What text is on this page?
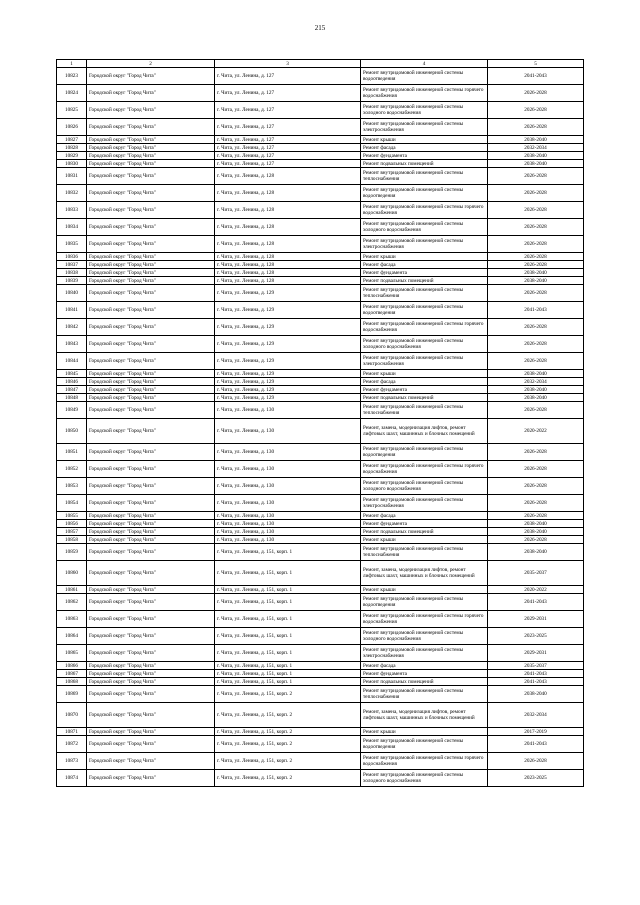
215
1	2	3	4	5
10823	Городской округ "Город Чита"	г. Чита, ул. Ленина, д. 127	Ремонт внутридомовой инженерной системы водоотведения	2041-2043
10824	Городской округ "Город Чита"	г. Чита, ул. Ленина, д. 127	Ремонт внутридомовой инженерной системы горячего водоснабжения	2026-2028
10825	Городской округ "Город Чита"	г. Чита, ул. Ленина, д. 127	Ремонт внутридомовой инженерной системы холодного водоснабжения	2026-2028
10826	Городской округ "Город Чита"	г. Чита, ул. Ленина, д. 127	Ремонт внутридомовой инженерной системы электроснабжения	2026-2028
10827	Городской округ "Город Чита"	г. Чита, ул. Ленина, д. 127	Ремонт крыши	2038-2040
10828	Городской округ "Город Чита"	г. Чита, ул. Ленина, д. 127	Ремонт фасада	2032-2034
10829	Городской округ "Город Чита"	г. Чита, ул. Ленина, д. 127	Ремонт фундамента	2038-2040
10830	Городской округ "Город Чита"	г. Чита, ул. Ленина, д. 127	Ремонт подвальных помещений	2038-2040
10831	Городской округ "Город Чита"	г. Чита, ул. Ленина, д. 128	Ремонт внутридомовой инженерной системы теплоснабжения	2026-2028
10832	Городской округ "Город Чита"	г. Чита, ул. Ленина, д. 128	Ремонт внутридомовой инженерной системы водоотведения	2026-2028
10833	Городской округ "Город Чита"	г. Чита, ул. Ленина, д. 128	Ремонт внутридомовой инженерной системы горячего водоснабжения	2026-2028
10834	Городской округ "Город Чита"	г. Чита, ул. Ленина, д. 128	Ремонт внутридомовой инженерной системы холодного водоснабжения	2026-2028
10835	Городской округ "Город Чита"	г. Чита, ул. Ленина, д. 128	Ремонт внутридомовой инженерной системы электроснабжения	2026-2028
10836	Городской округ "Город Чита"	г. Чита, ул. Ленина, д. 128	Ремонт крыши	2026-2028
10837	Городской округ "Город Чита"	г. Чита, ул. Ленина, д. 128	Ремонт фасада	2026-2028
10838	Городской округ "Город Чита"	г. Чита, ул. Ленина, д. 128	Ремонт фундамента	2038-2040
10839	Городской округ "Город Чита"	г. Чита, ул. Ленина, д. 128	Ремонт подвальных помещений	2038-2040
10840	Городской округ "Город Чита"	г. Чита, ул. Ленина, д. 129	Ремонт внутридомовой инженерной системы теплоснабжения	2026-2028
10841	Городской округ "Город Чита"	г. Чита, ул. Ленина, д. 129	Ремонт внутридомовой инженерной системы водоотведения	2041-2043
10842	Городской округ "Город Чита"	г. Чита, ул. Ленина, д. 129	Ремонт внутридомовой инженерной системы горячего водоснабжения	2026-2028
10843	Городской округ "Город Чита"	г. Чита, ул. Ленина, д. 129	Ремонт внутридомовой инженерной системы холодного водоснабжения	2026-2028
10844	Городской округ "Город Чита"	г. Чита, ул. Ленина, д. 129	Ремонт внутридомовой инженерной системы электроснабжения	2026-2028
10845	Городской округ "Город Чита"	г. Чита, ул. Ленина, д. 129	Ремонт крыши	2038-2040
10846	Городской округ "Город Чита"	г. Чита, ул. Ленина, д. 129	Ремонт фасада	2032-2034
10847	Городской округ "Город Чита"	г. Чита, ул. Ленина, д. 129	Ремонт фундамента	2038-2040
10848	Городской округ "Город Чита"	г. Чита, ул. Ленина, д. 129	Ремонт подвальных помещений	2038-2040
10849	Городской округ "Город Чита"	г. Чита, ул. Ленина, д. 130	Ремонт внутридомовой инженерной системы теплоснабжения	2026-2028
10850	Городской округ "Город Чита"	г. Чита, ул. Ленина, д. 130	Ремонт, замена, модернизация лифтов, ремонт лифтовых шахт, машинных и блочных помещений	2020-2022
10851	Городской округ "Город Чита"	г. Чита, ул. Ленина, д. 130	Ремонт внутридомовой инженерной системы водоотведения	2026-2028
10852	Городской округ "Город Чита"	г. Чита, ул. Ленина, д. 130	Ремонт внутридомовой инженерной системы горячего водоснабжения	2026-2028
10853	Городской округ "Город Чита"	г. Чита, ул. Ленина, д. 130	Ремонт внутридомовой инженерной системы холодного водоснабжения	2026-2028
10854	Городской округ "Город Чита"	г. Чита, ул. Ленина, д. 130	Ремонт внутридомовой инженерной системы электроснабжения	2026-2028
10855	Городской округ "Город Чита"	г. Чита, ул. Ленина, д. 130	Ремонт фасада	2026-2028
10856	Городской округ "Город Чита"	г. Чита, ул. Ленина, д. 130	Ремонт фундамента	2038-2040
10857	Городской округ "Город Чита"	г. Чита, ул. Ленина, д. 130	Ремонт подвальных помещений	2038-2040
10858	Городской округ "Город Чита"	г. Чита, ул. Ленина, д. 130	Ремонт крыши	2026-2028
10859	Городской округ "Город Чита"	г. Чита, ул. Ленина, д. 151, корп. 1	Ремонт внутридомовой инженерной системы теплоснабжения	2038-2040
10860	Городской округ "Город Чита"	г. Чита, ул. Ленина, д. 151, корп. 1	Ремонт, замена, модернизация лифтов, ремонт лифтовых шахт, машинных и блочных помещений	2035-2037
10861	Городской округ "Город Чита"	г. Чита, ул. Ленина, д. 151, корп. 1	Ремонт крыши	2020-2022
10862	Городской округ "Город Чита"	г. Чита, ул. Ленина, д. 151, корп. 1	Ремонт внутридомовой инженерной системы водоотведения	2041-2043
10863	Городской округ "Город Чита"	г. Чита, ул. Ленина, д. 151, корп. 1	Ремонт внутридомовой инженерной системы горячего водоснабжения	2029-2031
10864	Городской округ "Город Чита"	г. Чита, ул. Ленина, д. 151, корп. 1	Ремонт внутридомовой инженерной системы холодного водоснабжения	2023-2025
10865	Городской округ "Город Чита"	г. Чита, ул. Ленина, д. 151, корп. 1	Ремонт внутридомовой инженерной системы электроснабжения	2029-2031
10866	Городской округ "Город Чита"	г. Чита, ул. Ленина, д. 151, корп. 1	Ремонт фасада	2035-2037
10867	Городской округ "Город Чита"	г. Чита, ул. Ленина, д. 151, корп. 1	Ремонт фундамента	2041-2043
10868	Городской округ "Город Чита"	г. Чита, ул. Ленина, д. 151, корп. 1	Ремонт подвальных помещений	2041-2043
10869	Городской округ "Город Чита"	г. Чита, ул. Ленина, д. 151, корп. 2	Ремонт внутридомовой инженерной системы теплоснабжения	2038-2040
10870	Городской округ "Город Чита"	г. Чита, ул. Ленина, д. 151, корп. 2	Ремонт, замена, модернизация лифтов, ремонт лифтовых шахт, машинных и блочных помещений	2032-2034
10871	Городской округ "Город Чита"	г. Чита, ул. Ленина, д. 151, корп. 2	Ремонт крыши	2017-2019
10872	Городской округ "Город Чита"	г. Чита, ул. Ленина, д. 151, корп. 2	Ремонт внутридомовой инженерной системы водоотведения	2041-2043
10873	Городской округ "Город Чита"	г. Чита, ул. Ленина, д. 151, корп. 2	Ремонт внутридомовой инженерной системы горячего водоснабжения	2026-2028
10874	Городской округ "Город Чита"	г. Чита, ул. Ленина, д. 151, корп. 2	Ремонт внутридомовой инженерной системы холодного водоснабжения	2023-2025
